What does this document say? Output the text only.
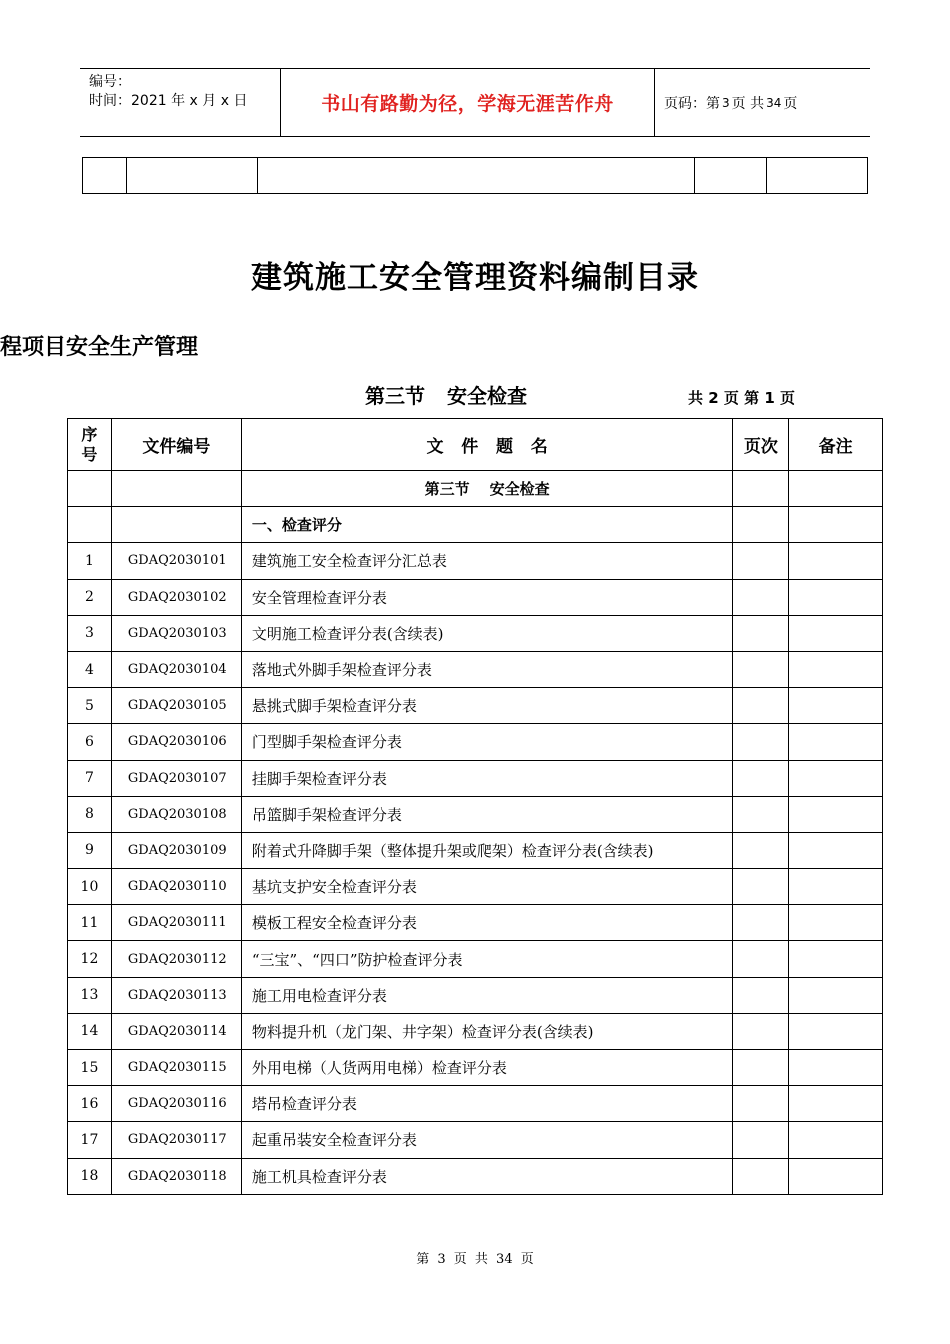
编号：
时间：2021 年 x 月 x 日	书山有路勤为径，学海无涯苦作舟	页码：第 3 页 共 34 页
建筑施工安全管理资料编制目录
程项目安全生产管理
第三节 安全检查	共 2 页 第 1 页
序号	文件编号	文   件   题   名	页次	备注
		第三节 安全检查		
		一、检查评分		
1	GDAQ2030101	建筑施工安全检查评分汇总表		
2	GDAQ2030102	安全管理检查评分表		
3	GDAQ2030103	文明施工检查评分表(含续表)		
4	GDAQ2030104	落地式外脚手架检查评分表		
5	GDAQ2030105	悬挑式脚手架检查评分表		
6	GDAQ2030106	门型脚手架检查评分表		
7	GDAQ2030107	挂脚手架检查评分表		
8	GDAQ2030108	吊篮脚手架检查评分表		
9	GDAQ2030109	附着式升降脚手架（整体提升架或爬架）检查评分表(含续表)		
10	GDAQ2030110	基坑支护安全检查评分表		
11	GDAQ2030111	模板工程安全检查评分表		
12	GDAQ2030112	“三宝”、“四口”防护检查评分表		
13	GDAQ2030113	施工用电检查评分表		
14	GDAQ2030114	物料提升机（龙门架、井字架）检查评分表(含续表)		
15	GDAQ2030115	外用电梯（人货两用电梯）检查评分表		
16	GDAQ2030116	塔吊检查评分表		
17	GDAQ2030117	起重吊装安全检查评分表		
18	GDAQ2030118	施工机具检查评分表		
第 3 页 共 34 页
